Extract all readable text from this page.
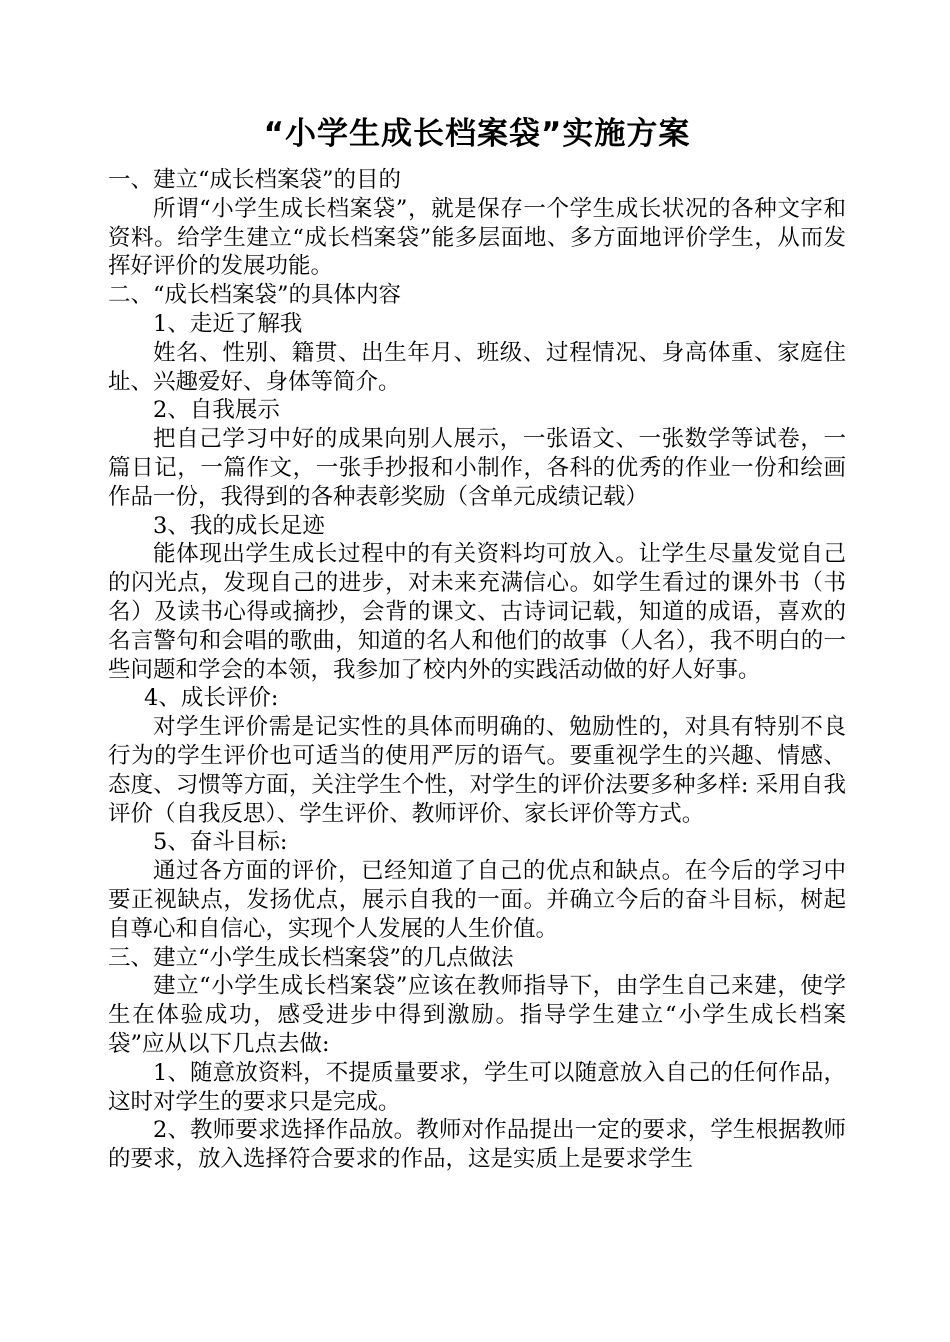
“小学生成长档案袋”实施方案

一、建立“成长档案袋”的目的

所谓“小学生成长档案袋”，就是保存一个学生成长状况的各种文字和资料。给学生建立“成长档案袋”能多层面地、多方面地评价学生，从而发挥好评价的发展功能。

二、“成长档案袋”的具体内容

1、走近了解我

姓名、性别、籍贯、出生年月、班级、过程情况、身高体重、家庭住址、兴趣爱好、身体等简介。

2、自我展示

把自己学习中好的成果向别人展示，一张语文、一张数学等试卷，一篇日记，一篇作文，一张手抄报和小制作，各科的优秀的作业一份和绘画作品一份，我得到的各种表彰奖励（含单元成绩记载）

3、我的成长足迹

能体现出学生成长过程中的有关资料均可放入。让学生尽量发觉自己的闪光点，发现自己的进步，对未来充满信心。如学生看过的课外书（书名）及读书心得或摘抄，会背的课文、古诗词记载，知道的成语，喜欢的名言警句和会唱的歌曲，知道的名人和他们的故事（人名），我不明白的一些问题和学会的本领，我参加了校内外的实践活动做的好人好事。

4、成长评价:

对学生评价需是记实性的具体而明确的、勉励性的，对具有特别不良行为的学生评价也可适当的使用严厉的语气。要重视学生的兴趣、情感、态度、习惯等方面，关注学生个性，对学生的评价法要多种多样: 采用自我评价（自我反思）、学生评价、教师评价、家长评价等方式。

5、奋斗目标:

通过各方面的评价，已经知道了自己的优点和缺点。在今后的学习中要正视缺点，发扬优点，展示自我的一面。并确立今后的奋斗目标，树起自尊心和自信心，实现个人发展的人生价值。

三、建立“小学生成长档案袋”的几点做法

建立“小学生成长档案袋”应该在教师指导下，由学生自己来建，使学生在体验成功，感受进步中得到激励。指导学生建立“小学生成长档案袋”应从以下几点去做:

1、随意放资料，不提质量要求，学生可以随意放入自己的任何作品，这时对学生的要求只是完成。

2、教师要求选择作品放。教师对作品提出一定的要求，学生根据教师的要求，放入选择符合要求的作品，这是实质上是要求学生
